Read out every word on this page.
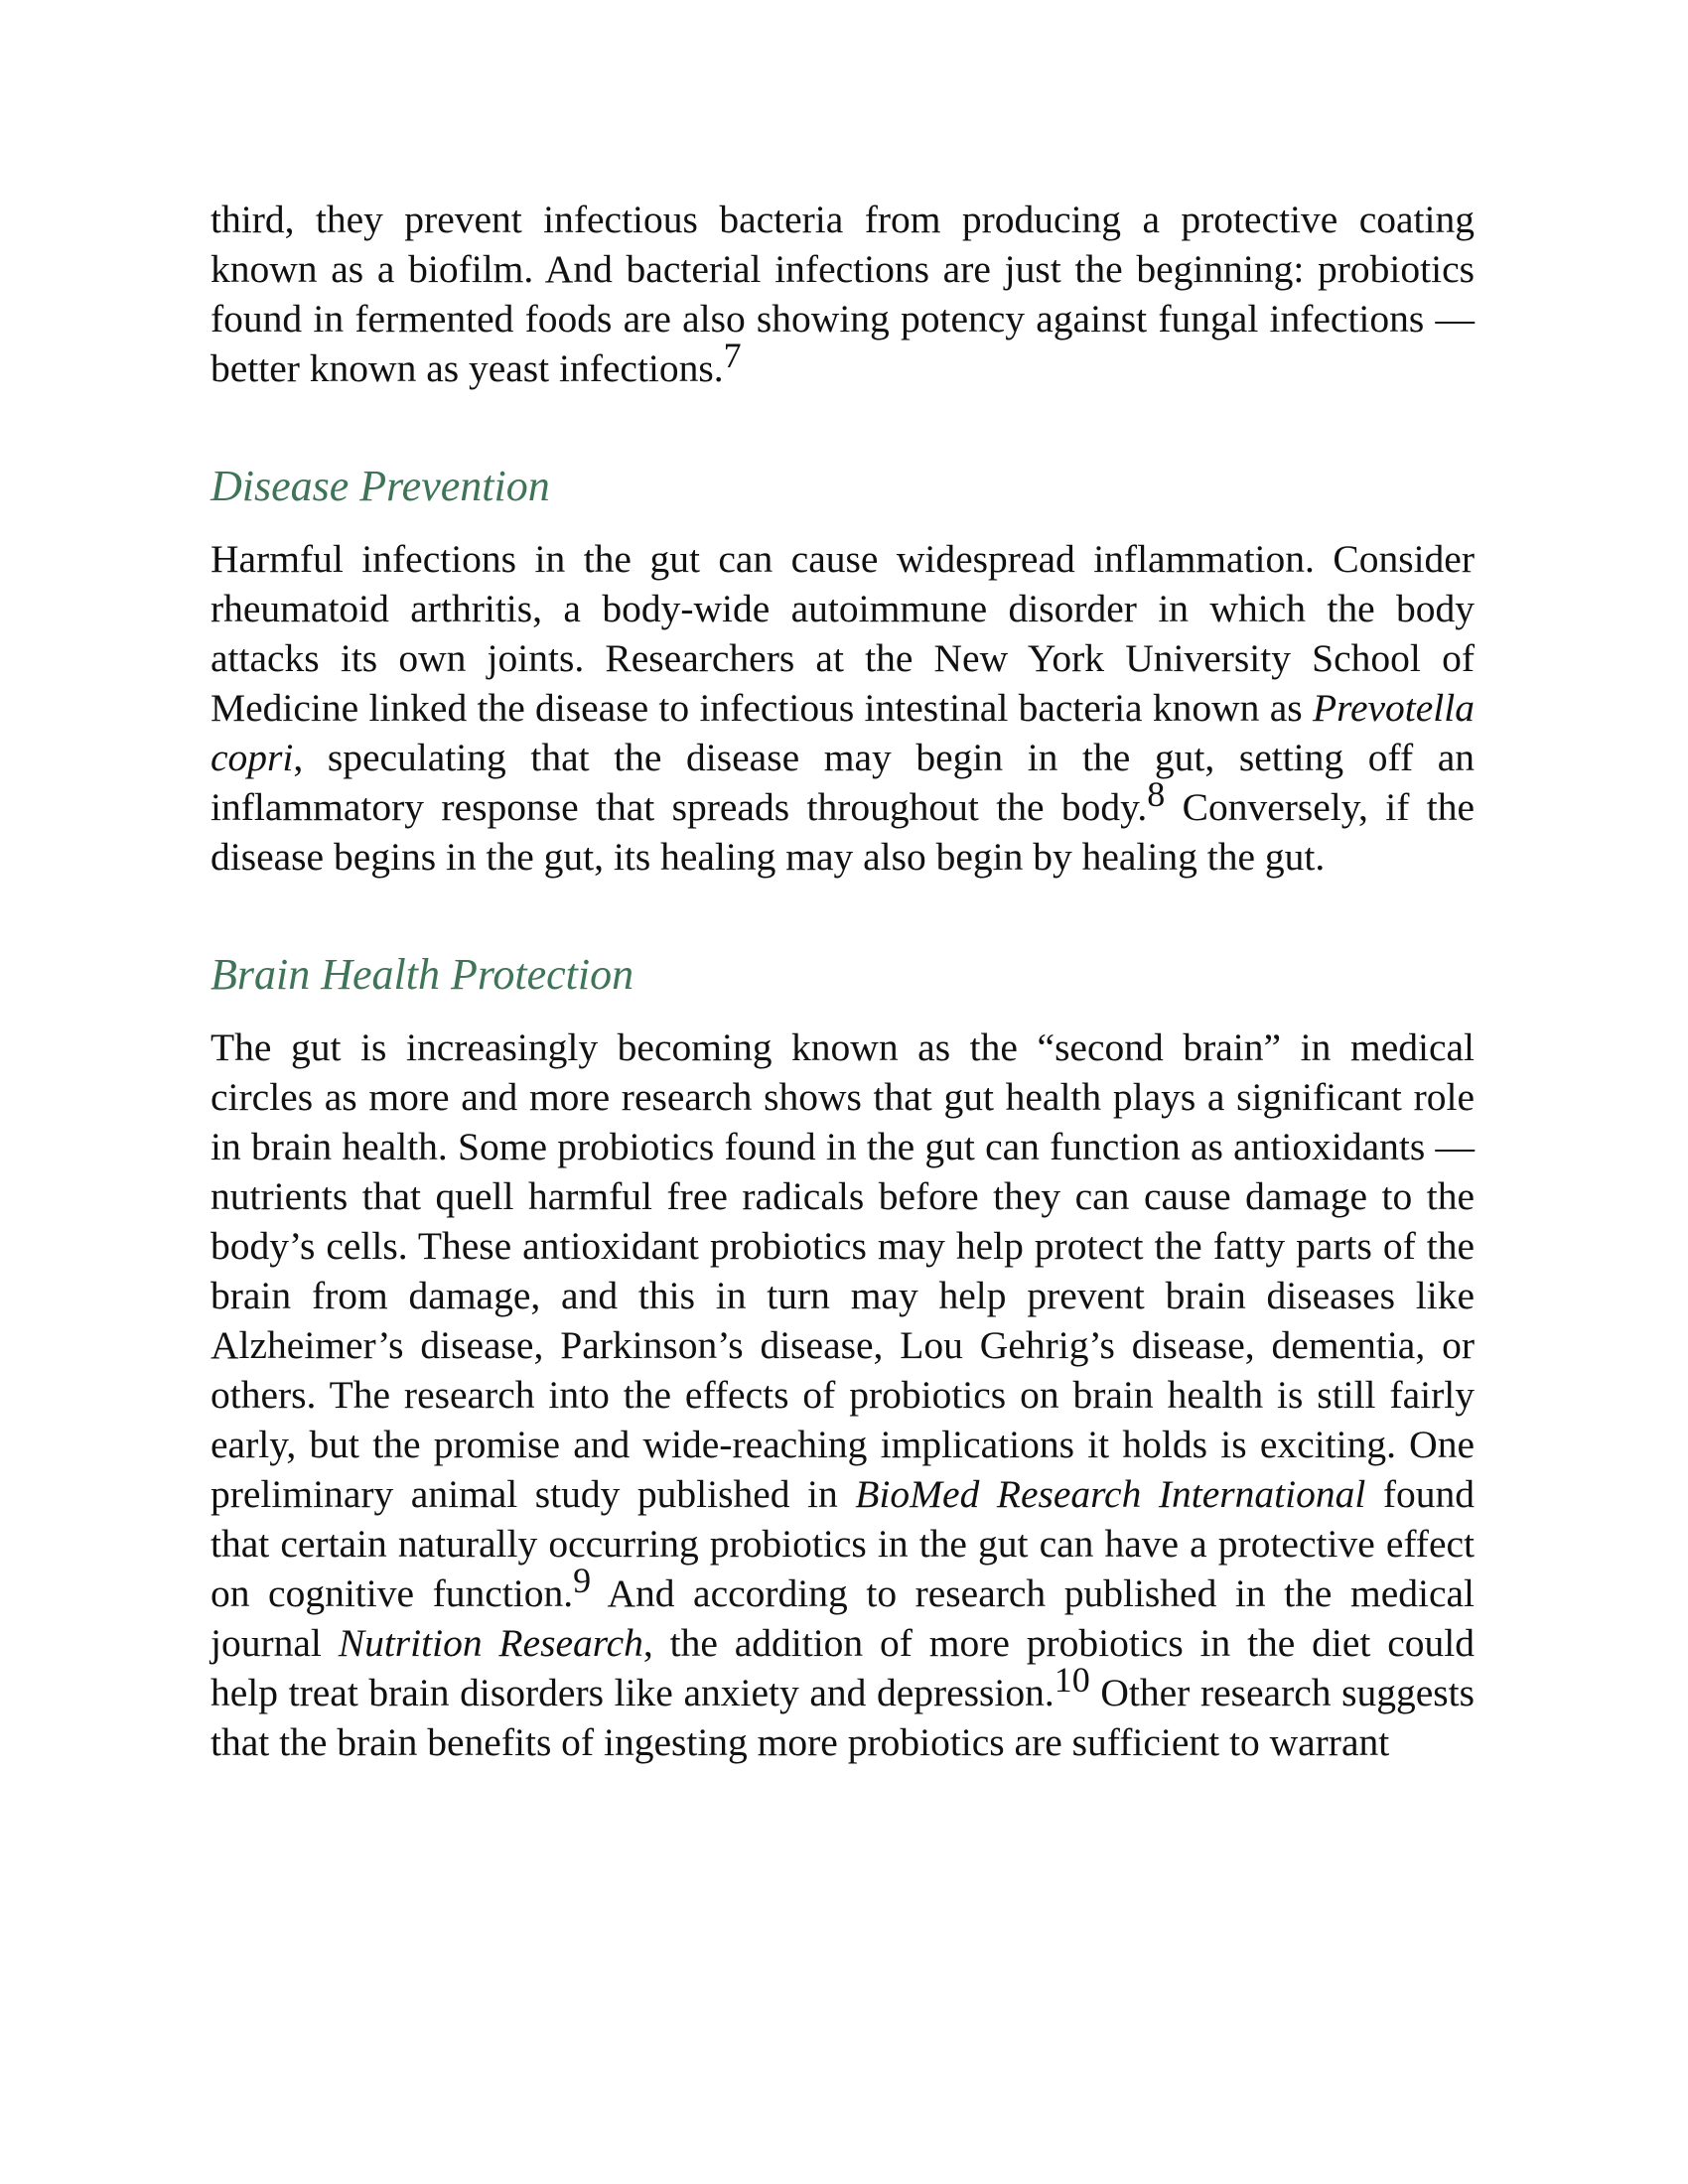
third, they prevent infectious bacteria from producing a protective coating known as a biofilm. And bacterial infections are just the beginning: probiotics found in fermented foods are also showing potency against fungal infections — better known as yeast infections.$^7$

Disease Prevention

Harmful infections in the gut can cause widespread inflammation. Consider rheumatoid arthritis, a body-wide autoimmune disorder in which the body attacks its own joints. Researchers at the New York University School of Medicine linked the disease to infectious intestinal bacteria known as Prevotella copri, speculating that the disease may begin in the gut, setting off an inflammatory response that spreads throughout the body.$^8$ Conversely, if the disease begins in the gut, its healing may also begin by healing the gut.

Brain Health Protection

The gut is increasingly becoming known as the “second brain” in medical circles as more and more research shows that gut health plays a significant role in brain health. Some probiotics found in the gut can function as antioxidants — nutrients that quell harmful free radicals before they can cause damage to the body’s cells. These antioxidant probiotics may help protect the fatty parts of the brain from damage, and this in turn may help prevent brain diseases like Alzheimer’s disease, Parkinson’s disease, Lou Gehrig’s disease, dementia, or others. The research into the effects of probiotics on brain health is still fairly early, but the promise and wide-reaching implications it holds is exciting. One preliminary animal study published in BioMed Research International found that certain naturally occurring probiotics in the gut can have a protective effect on cognitive function.$^9$ And according to research published in the medical journal Nutrition Research, the addition of more probiotics in the diet could help treat brain disorders like anxiety and depression.$^{10}$ Other research suggests that the brain benefits of ingesting more probiotics are sufficient to warrant
